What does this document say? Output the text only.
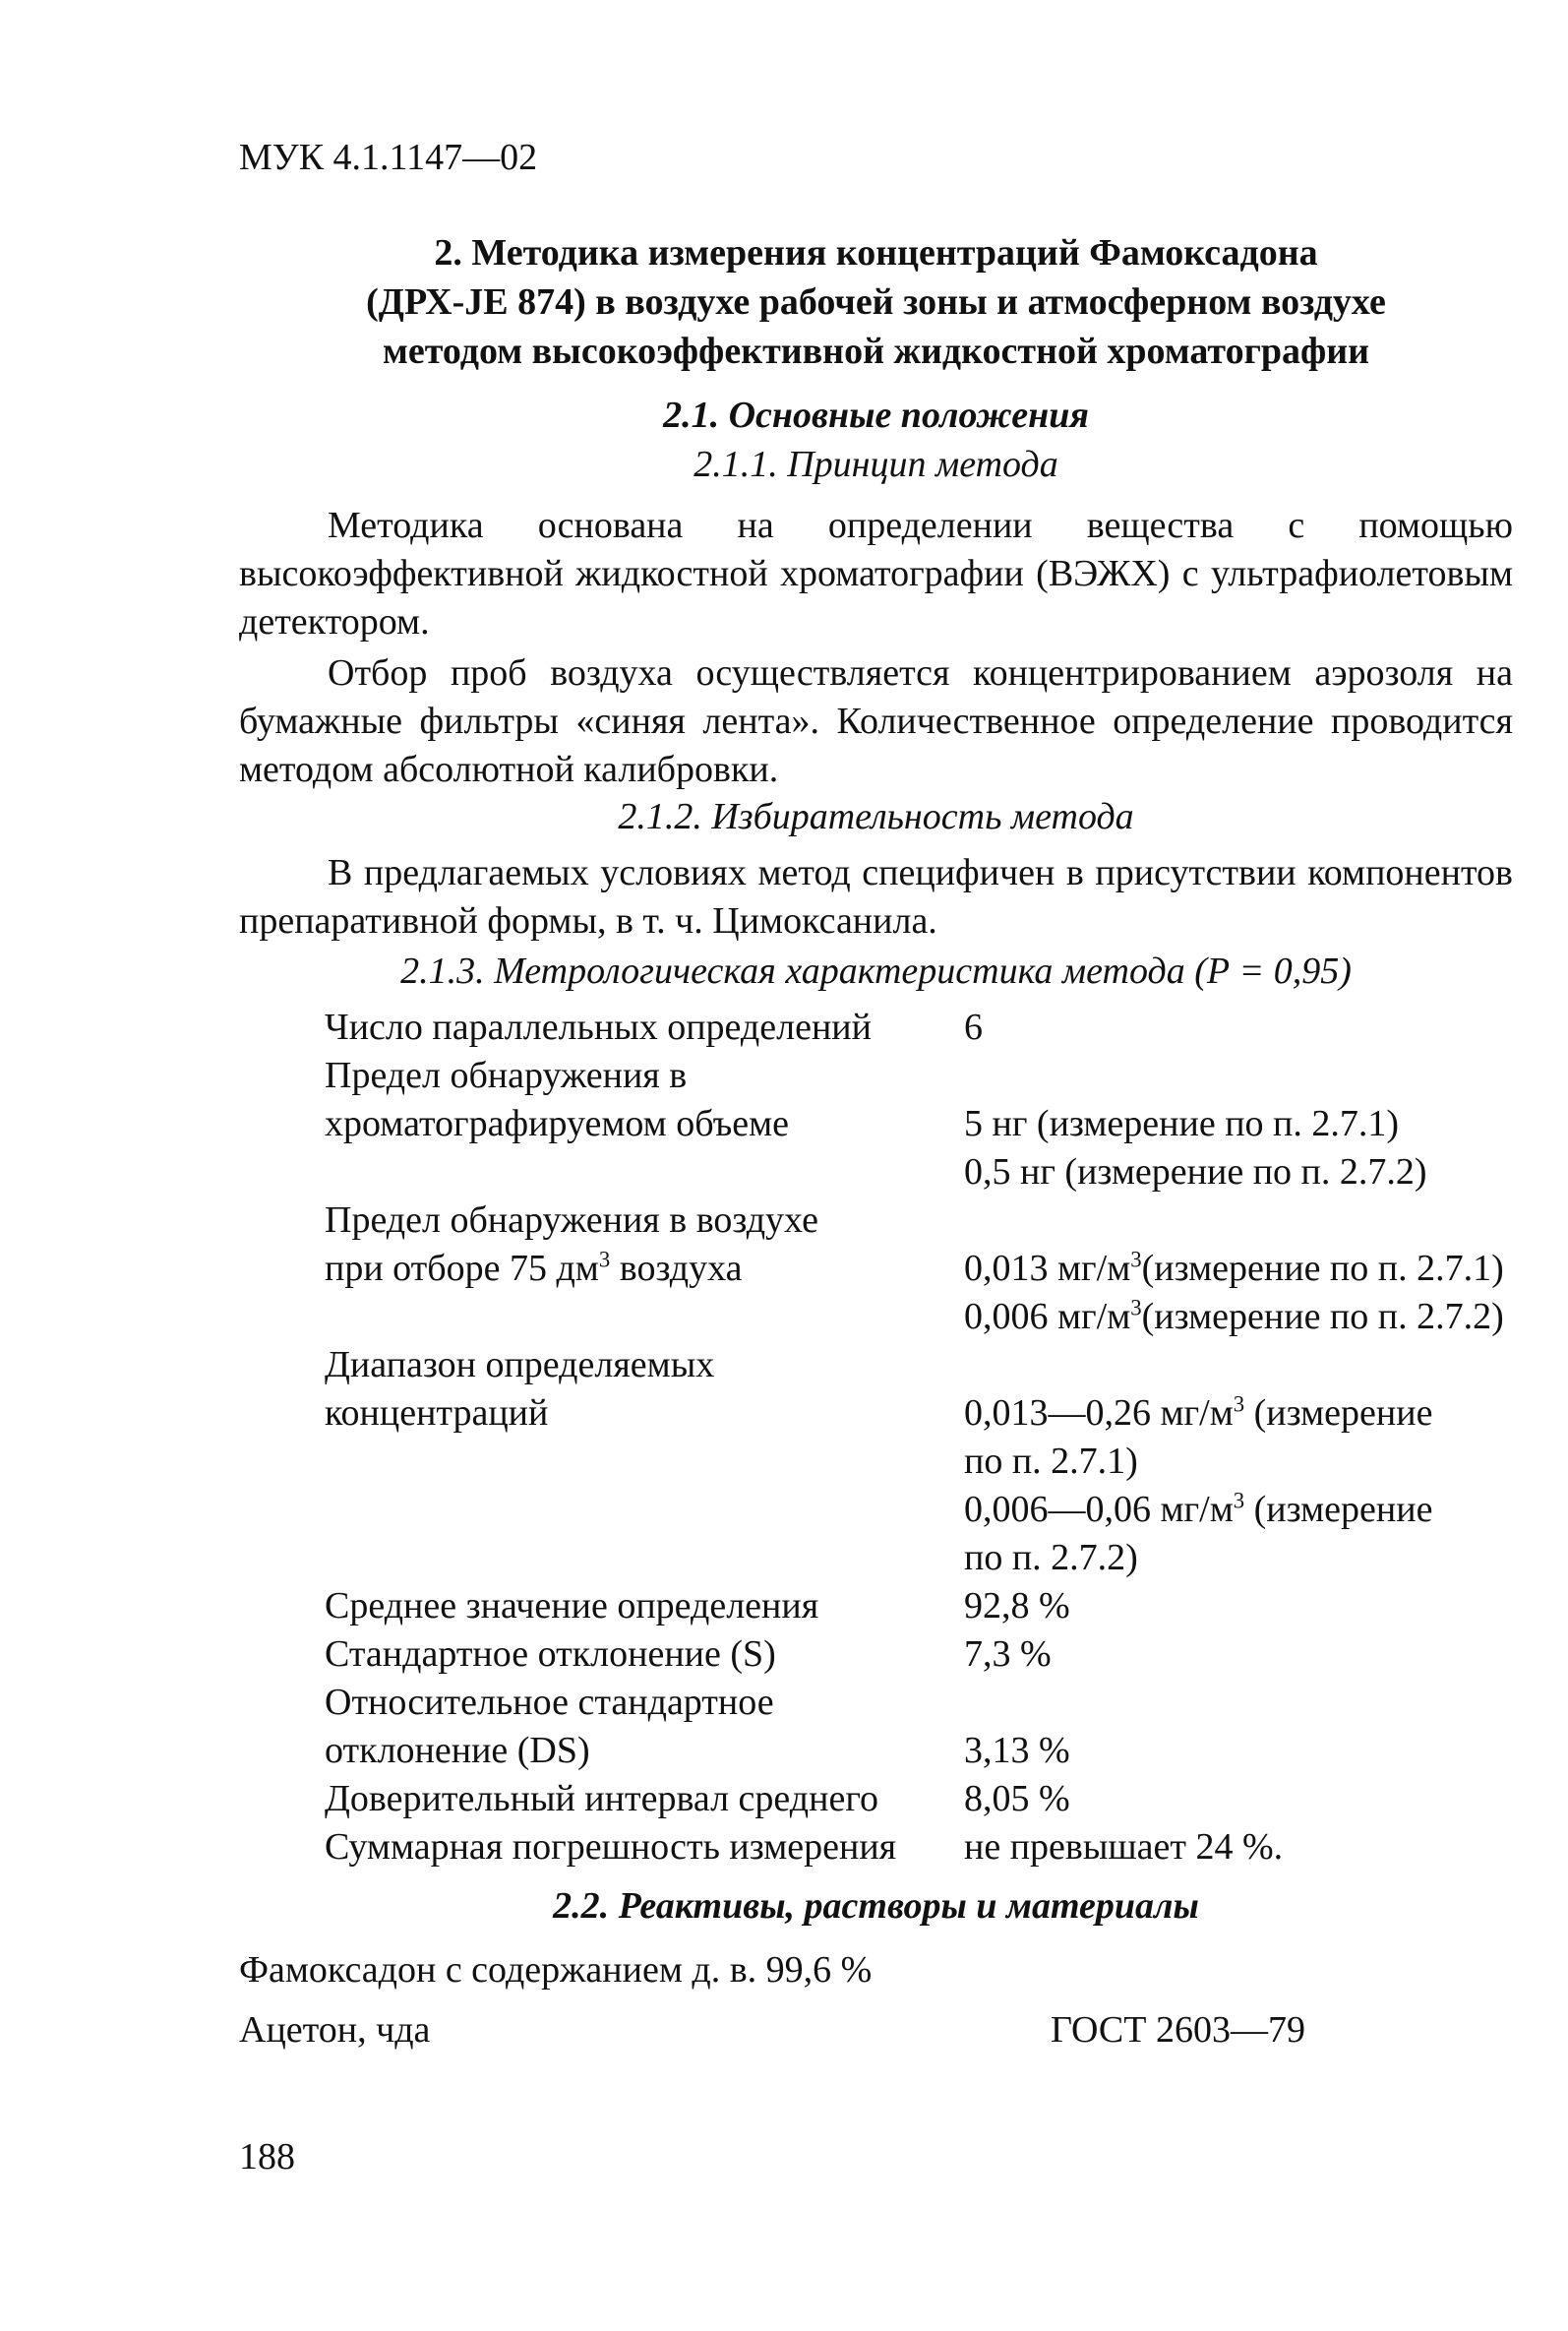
МУК 4.1.1147—02
2. Методика измерения концентраций Фамоксадона
(ДРХ-JE 874) в воздухе рабочей зоны и атмосферном воздухе
методом высокоэффективной жидкостной хроматографии
2.1. Основные положения
2.1.1. Принцип метода
Методика основана на определении вещества с помощью высокоэффективной жидкостной хроматографии (ВЭЖХ) с ультрафиолетовым детектором.
Отбор проб воздуха осуществляется концентрированием аэрозоля на бумажные фильтры «синяя лента». Количественное определение проводится методом абсолютной калибровки.
2.1.2. Избирательность метода
В предлагаемых условиях метод специфичен в присутствии компонентов препаративной формы, в т. ч. Цимоксанила.
2.1.3. Метрологическая характеристика метода (Р = 0,95)
Число параллельных определений	6
Предел обнаружения в
хроматографируемом объеме	5 нг (измерение по п. 2.7.1)
0,5 нг (измерение по п. 2.7.2)
Предел обнаружения в воздухе
при отборе 75 $дм^3$ воздуха	0,013 $мг/м^3(измерение$ по п. 2.7.1)
0,006 $мг/м^3(измерение$ по п. 2.7.2)
Диапазон определяемых
концентраций	0,013—0,26 $мг/м^3$ (измерение
по п. 2.7.1)
0,006—0,06 $мг/м^3$ (измерение
по п. 2.7.2)
Среднее значение определения	92,8 %
Стандартное отклонение (S)	7,3 %
Относительное стандартное
отклонение (DS)	3,13 %
Доверительный интервал среднего	8,05 %
Суммарная погрешность измерения	не превышает 24 %.
2.2. Реактивы, растворы и материалы
Фамоксадон с содержанием д. в. 99,6 %
Ацетон, чда	ГОСТ 2603—79
188
